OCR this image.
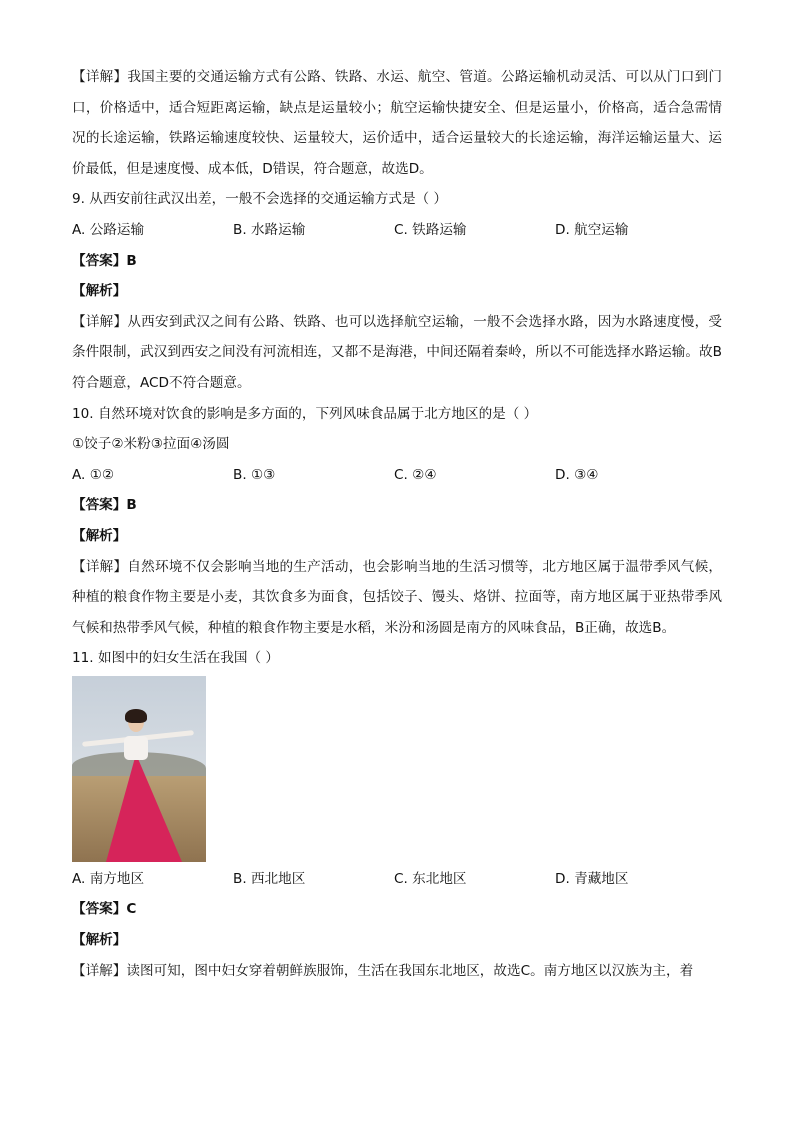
【详解】我国主要的交通运输方式有公路、铁路、水运、航空、管道。公路运输机动灵活、可以从门口到门口，价格适中，适合短距离运输，缺点是运量较小；航空运输快捷安全、但是运量小，价格高，适合急需情况的长途运输，铁路运输速度较快、运量较大，运价适中，适合运量较大的长途运输，海洋运输运量大、运价最低，但是速度慢、成本低，D错误，符合题意，故选D。

9. 从西安前往武汉出差，一般不会选择的交通运输方式是（ ）

A. 公路运输	B. 水路运输	C. 铁路运输	D. 航空运输

【答案】B

【解析】

【详解】从西安到武汉之间有公路、铁路、也可以选择航空运输，一般不会选择水路，因为水路速度慢，受条件限制，武汉到西安之间没有河流相连，又都不是海港，中间还隔着秦岭，所以不可能选择水路运输。故B符合题意，ACD不符合题意。

10. 自然环境对饮食的影响是多方面的，下列风味食品属于北方地区的是（ ）

①饺子②米粉③拉面④汤圆

A. ①②	B. ①③	C. ②④	D. ③④

【答案】B

【解析】

【详解】自然环境不仅会影响当地的生产活动，也会影响当地的生活习惯等，北方地区属于温带季风气候，种植的粮食作物主要是小麦，其饮食多为面食，包括饺子、馒头、烙饼、拉面等，南方地区属于亚热带季风气候和热带季风气候，种植的粮食作物主要是水稻，米汾和汤圆是南方的风味食品，B正确，故选B。

11. 如图中的妇女生活在我国（ ）

A. 南方地区	B. 西北地区	C. 东北地区	D. 青藏地区

【答案】C

【解析】

【详解】读图可知，图中妇女穿着朝鲜族服饰，生活在我国东北地区，故选C。南方地区以汉族为主，着
